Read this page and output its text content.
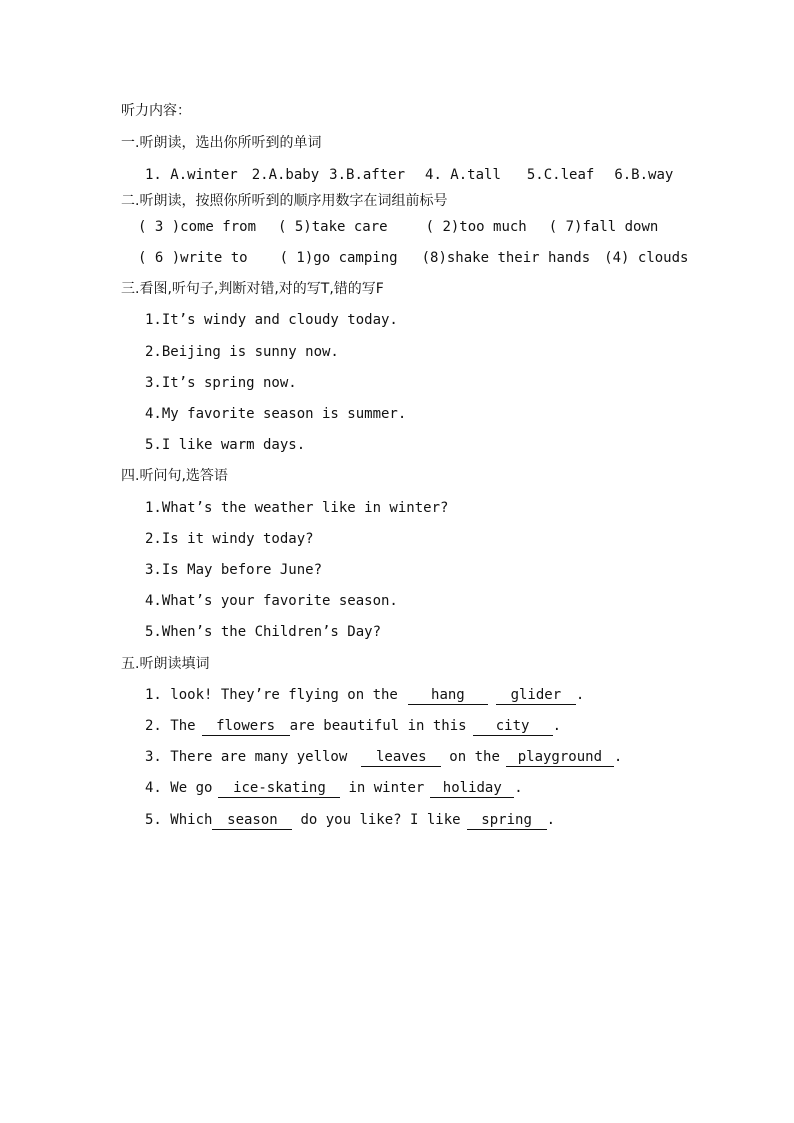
听力内容：
一.听朗读，选出你所听到的单词
1. A.winter 2.A.baby 3.B.after 4. A.tall 5.C.leaf 6.B.way
二.听朗读，按照你所听到的顺序用数字在词组前标号
( 3 )come from ( 5)take care	( 2)too much ( 7)fall down
( 6 )write to ( 1)go camping (8)shake their hands (4) clouds
三.看图,听句子,判断对错,对的写T,错的写F
1.It’s windy and cloudy today.
2.Beijing is sunny now.
3.It’s spring now.
4.My favorite season is summer.
5.I like warm days.
四.听问句,选答语
1.What’s the weather like in winter?
2.Is it windy today?
3.Is May before June?
4.What’s your favorite season.
5.When’s the Children’s Day?
五.听朗读填词
1. look! They’re flying on the hang	glider .
2. The flowers are beautiful in this city .
3. There are many yellow leaves on the playground .
4. We go ice-skating in winter holiday .
5. Which season do you like? I like spring .
